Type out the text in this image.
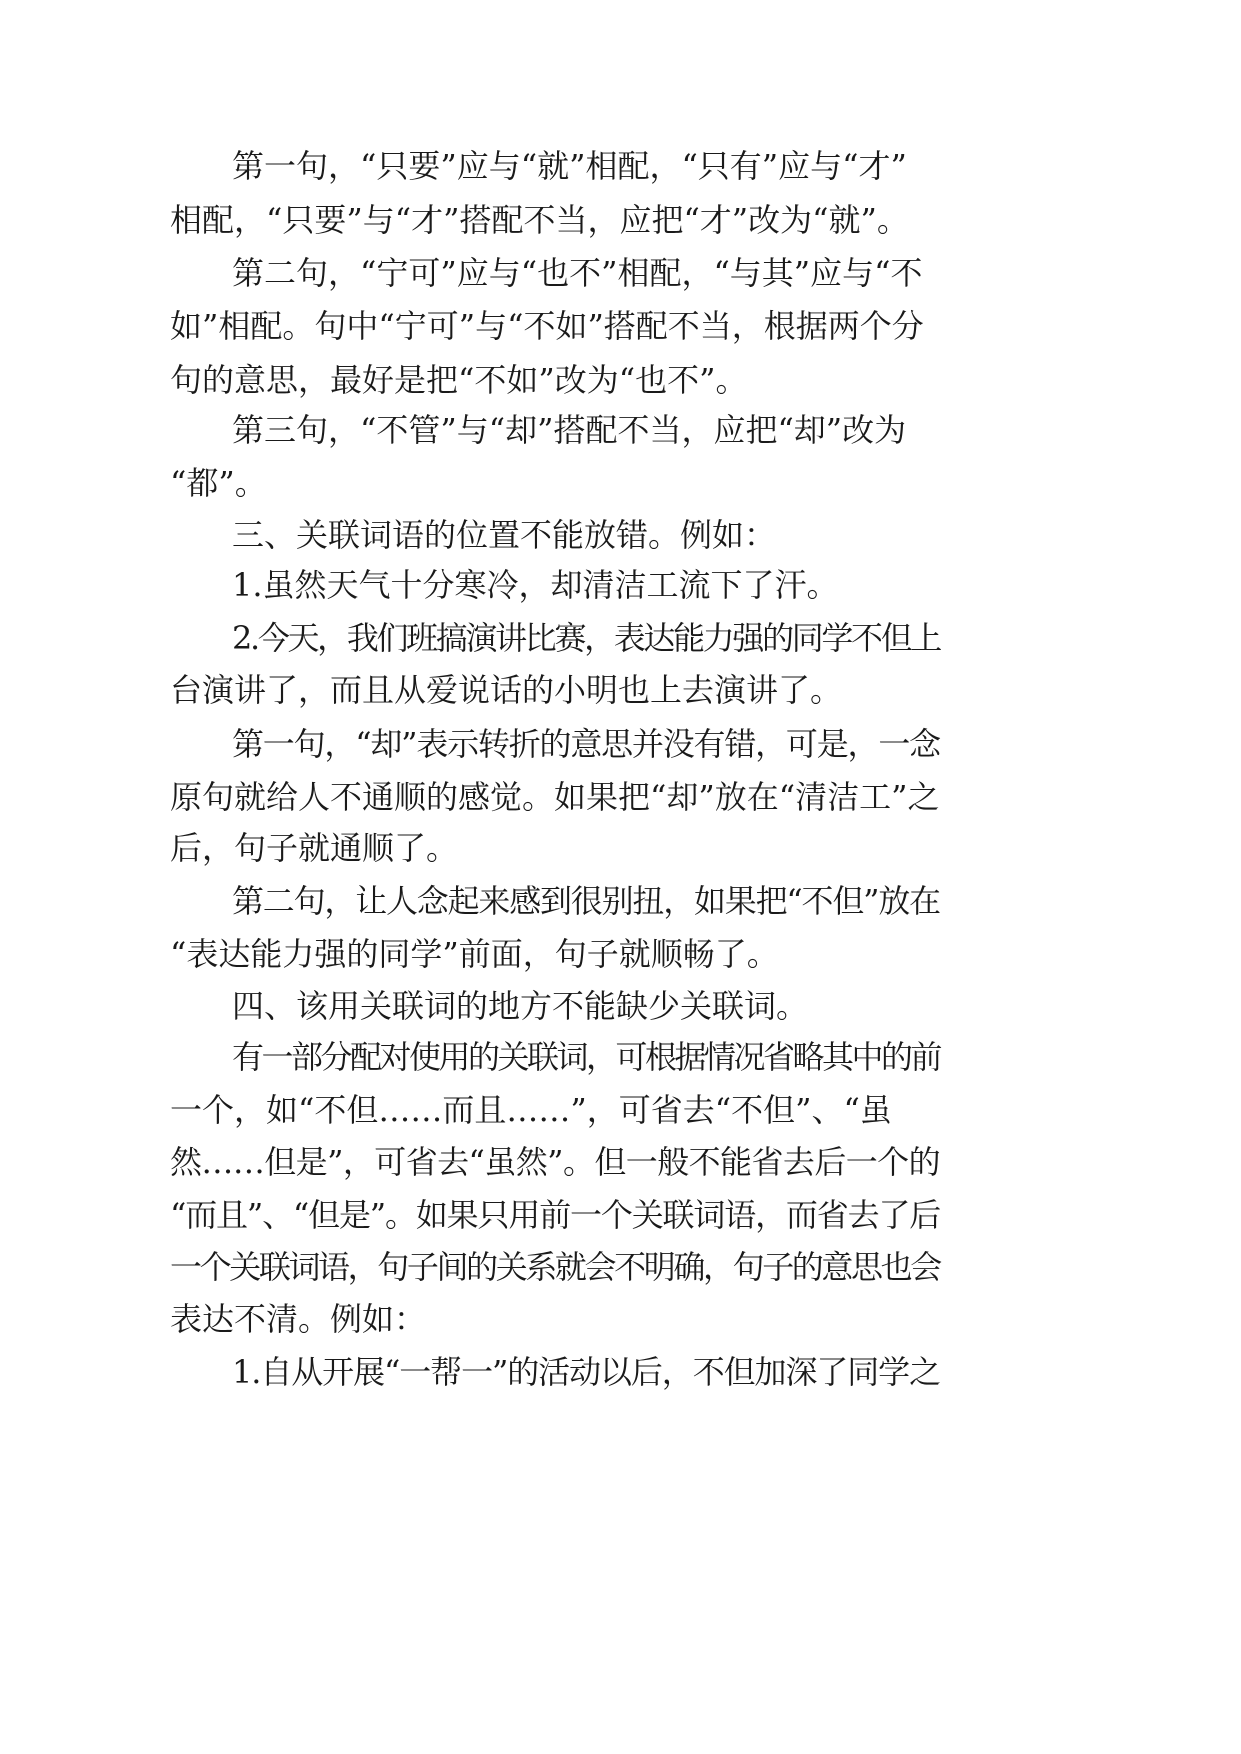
第一句，“只要”应与“就”相配，“只有”应与“才”
相配，“只要”与“才”搭配不当，应把“才”改为“就”。
第二句，“宁可”应与“也不”相配，“与其”应与“不
如”相配。句中“宁可”与“不如”搭配不当，根据两个分
句的意思，最好是把“不如”改为“也不”。
第三句，“不管”与“却”搭配不当，应把“却”改为
“都”。
三、关联词语的位置不能放错。例如：
1.虽然天气十分寒冷，却清洁工流下了汗。
2.今天，我们班搞演讲比赛，表达能力强的同学不但上
台演讲了，而且从爱说话的小明也上去演讲了。
第一句，“却”表示转折的意思并没有错，可是，一念
原句就给人不通顺的感觉。如果把“却”放在“清洁工”之
后，句子就通顺了。
第二句，让人念起来感到很别扭，如果把“不但”放在
“表达能力强的同学”前面，句子就顺畅了。
四、该用关联词的地方不能缺少关联词。
有一部分配对使用的关联词，可根据情况省略其中的前
一个，如“不但……而且……”，可省去“不但”、“虽
然……但是”，可省去“虽然”。但一般不能省去后一个的
“而且”、“但是”。如果只用前一个关联词语，而省去了后
一个关联词语，句子间的关系就会不明确，句子的意思也会
表达不清。例如：
1.自从开展“一帮一”的活动以后，不但加深了同学之
